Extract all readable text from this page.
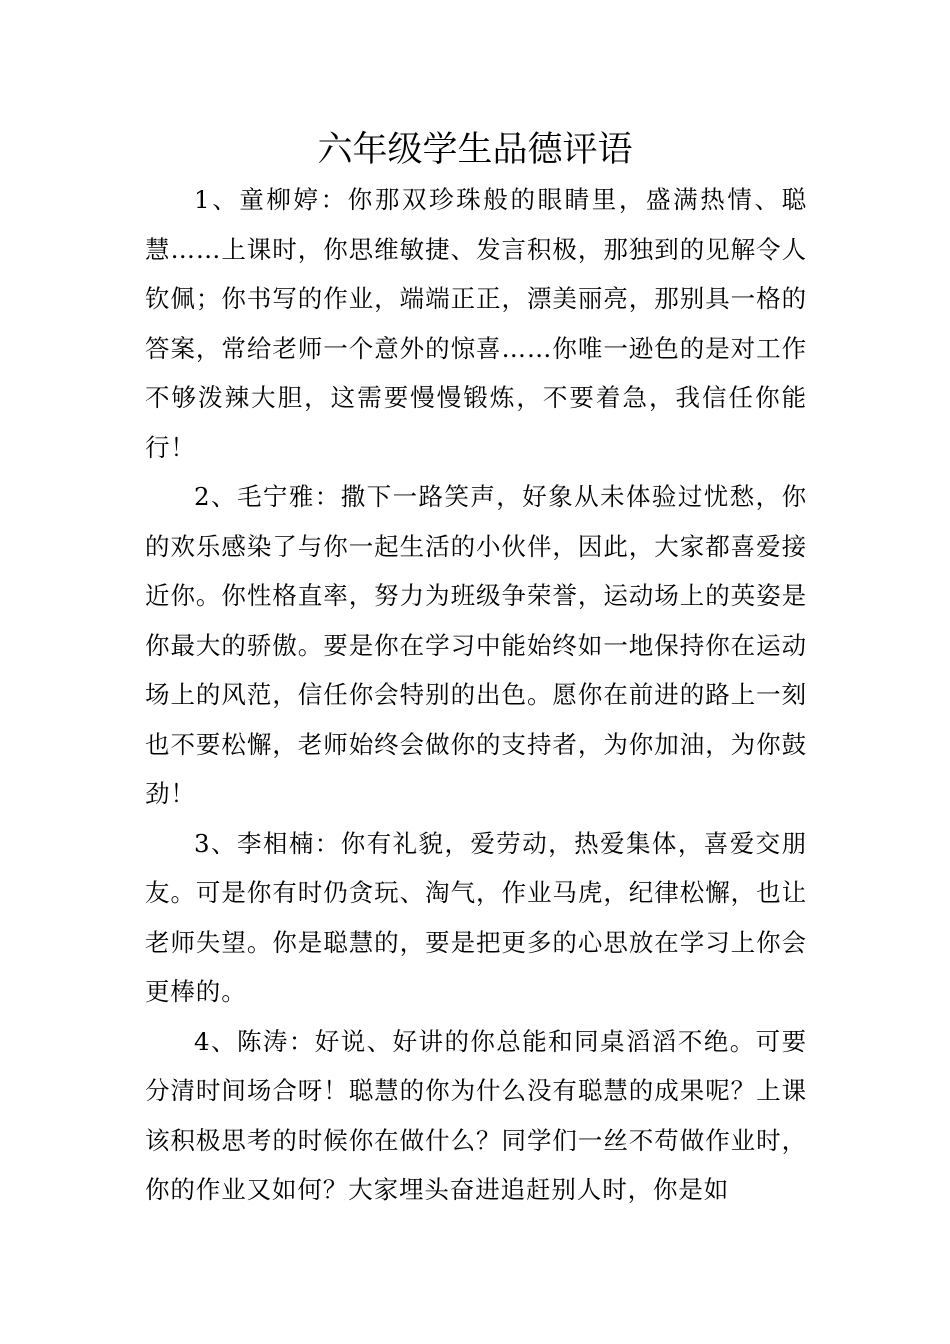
六年级学生品德评语

1、童柳婷：你那双珍珠般的眼睛里，盛满热情、聪慧……上课时，你思维敏捷、发言积极，那独到的见解令人钦佩；你书写的作业，端端正正，漂美丽亮，那别具一格的答案，常给老师一个意外的惊喜……你唯一逊色的是对工作不够泼辣大胆，这需要慢慢锻炼，不要着急，我信任你能行！

2、毛宁雅：撒下一路笑声，好象从未体验过忧愁，你的欢乐感染了与你一起生活的小伙伴，因此，大家都喜爱接近你。你性格直率，努力为班级争荣誉，运动场上的英姿是你最大的骄傲。要是你在学习中能始终如一地保持你在运动场上的风范，信任你会特别的出色。愿你在前进的路上一刻也不要松懈，老师始终会做你的支持者，为你加油，为你鼓劲！

3、李相楠：你有礼貌，爱劳动，热爱集体，喜爱交朋友。可是你有时仍贪玩、淘气，作业马虎，纪律松懈，也让老师失望。你是聪慧的，要是把更多的心思放在学习上你会更棒的。

4、陈涛：好说、好讲的你总能和同桌滔滔不绝。可要分清时间场合呀！聪慧的你为什么没有聪慧的成果呢？上课该积极思考的时候你在做什么？同学们一丝不苟做作业时，你的作业又如何？大家埋头奋进追赶别人时，你是如
